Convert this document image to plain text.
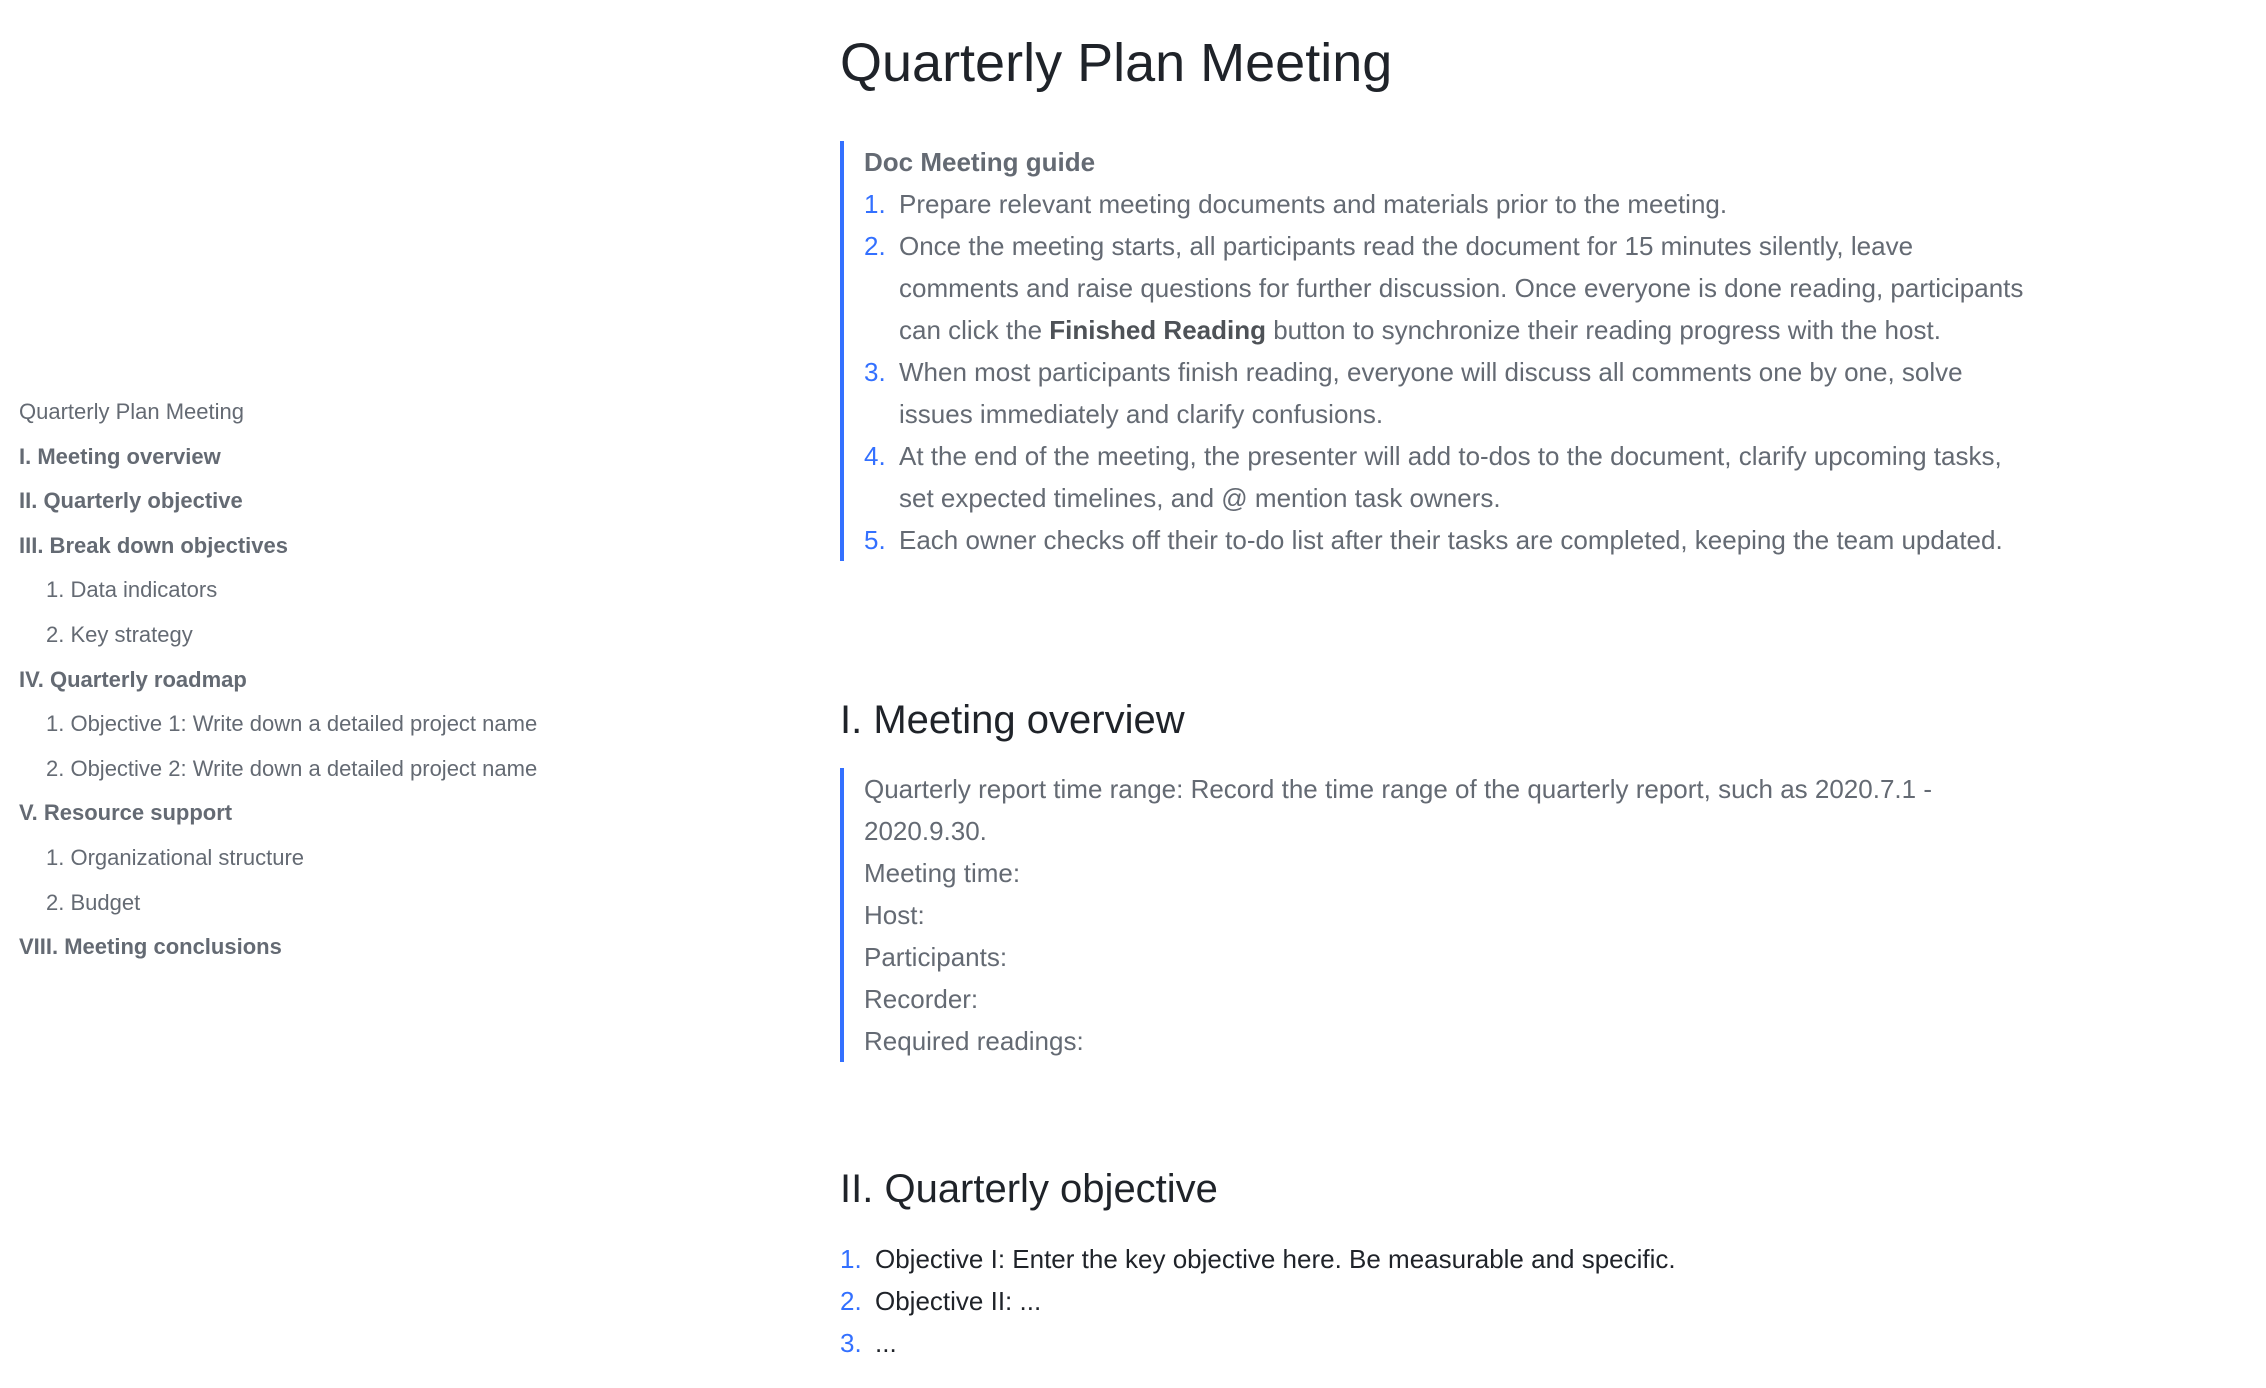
Quarterly Plan Meeting
I. Meeting overview
II. Quarterly objective
III. Break down objectives
1. Data indicators
2. Key strategy
IV. Quarterly roadmap
1. Objective 1: Write down a detailed project name
2. Objective 2: Write down a detailed project name
V. Resource support
1. Organizational structure
2. Budget
VIII. Meeting conclusions
Quarterly Plan Meeting

Doc Meeting guide

1. Prepare relevant meeting documents and materials prior to the meeting.
2. Once the meeting starts, all participants read the document for 15 minutes silently, leave comments and raise questions for further discussion. Once everyone is done reading, participants can click the Finished Reading button to synchronize their reading progress with the host.
3. When most participants finish reading, everyone will discuss all comments one by one, solve issues immediately and clarify confusions.
4. At the end of the meeting, the presenter will add to-dos to the document, clarify upcoming tasks, set expected timelines, and @ mention task owners.
5. Each owner checks off their to-do list after their tasks are completed, keeping the team updated.
I. Meeting overview

Quarterly report time range: Record the time range of the quarterly report, such as 2020.7.1 - 2020.9.30.

Meeting time:

Host:

Participants:

Recorder:

Required readings:

II. Quarterly objective
1. Objective I: Enter the key objective here. Be measurable and specific.
2. Objective II: ...
3. ...
